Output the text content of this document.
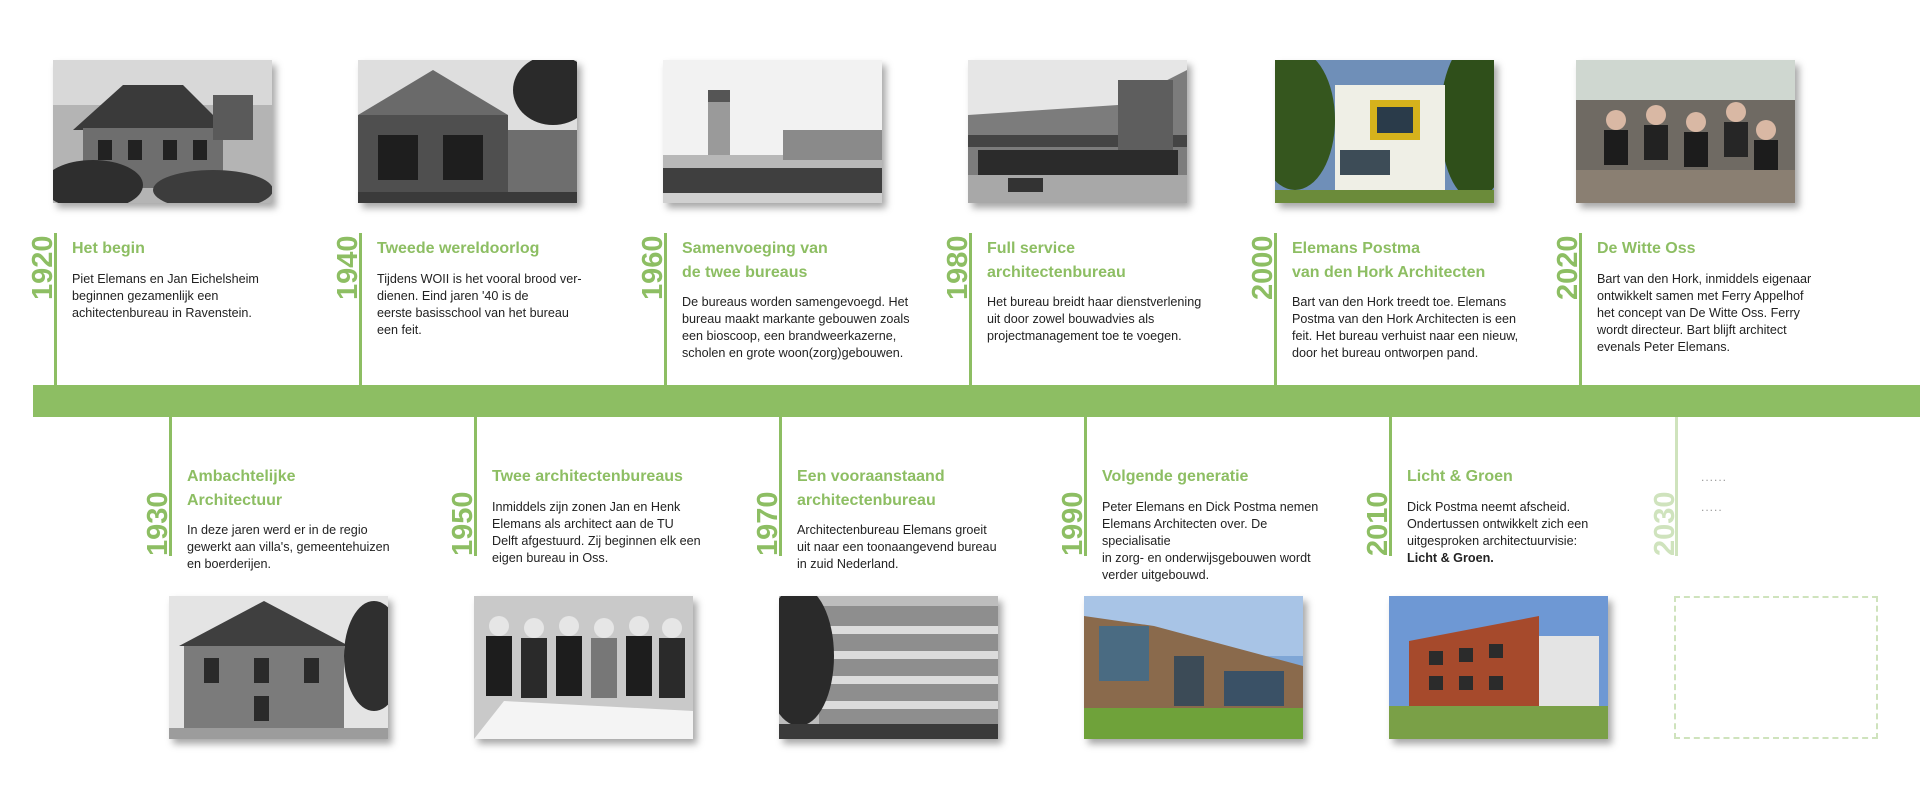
1920 Het begin
Piet Elemans en Jan Eichelsheim
beginnen gezamenlijk een
achitectenbureau in Ravenstein.
1940 Tweede wereldoorlog
Tijdens WOII is het vooral brood ver-
dienen. Eind jaren '40 is de
eerste basisschool van het bureau
een feit.
1960 Samenvoeging van
de twee bureaus
De bureaus worden samengevoegd. Het
bureau maakt markante gebouwen zoals
een bioscoop, een brandweerkazerne,
scholen en grote woon(zorg)gebouwen.
1980 Full service
architectenbureau
Het bureau breidt haar dienstverlening
uit door zowel bouwadvies als
projectmanagement toe te voegen.
2000 Elemans Postma
van den Hork Architecten
Bart van den Hork treedt toe. Elemans
Postma van den Hork Architecten is een
feit. Het bureau verhuist naar een nieuw,
door het bureau ontworpen pand.
2020 De Witte Oss
Bart van den Hork, inmiddels eigenaar
ontwikkelt samen met Ferry Appelhof
het concept van De Witte Oss. Ferry
wordt directeur. Bart blijft architect
evenals Peter Elemans.
1930
Ambachtelijke
Architectuur
In deze jaren werd er in de regio
gewerkt aan villa's, gemeentehuizen
en boerderijen.
1950
Twee architectenbureaus
Inmiddels zijn zonen Jan en Henk
Elemans als architect aan de TU
Delft afgestuurd. Zij beginnen elk een
eigen bureau in Oss.
1970
Een vooraanstaand
architectenbureau
Architectenbureau Elemans groeit
uit naar een toonaangevend bureau
in zuid Nederland.
1990
Volgende generatie
Peter Elemans en Dick Postma nemen
Elemans Architecten over. De specialisatie
in zorg- en onderwijsgebouwen wordt
verder uitgebouwd.
2010
Licht & Groen
Dick Postma neemt afscheid.
Ondertussen ontwikkelt zich een
uitgesproken architectuurvisie:
Licht & Groen.
2030
......
.....
